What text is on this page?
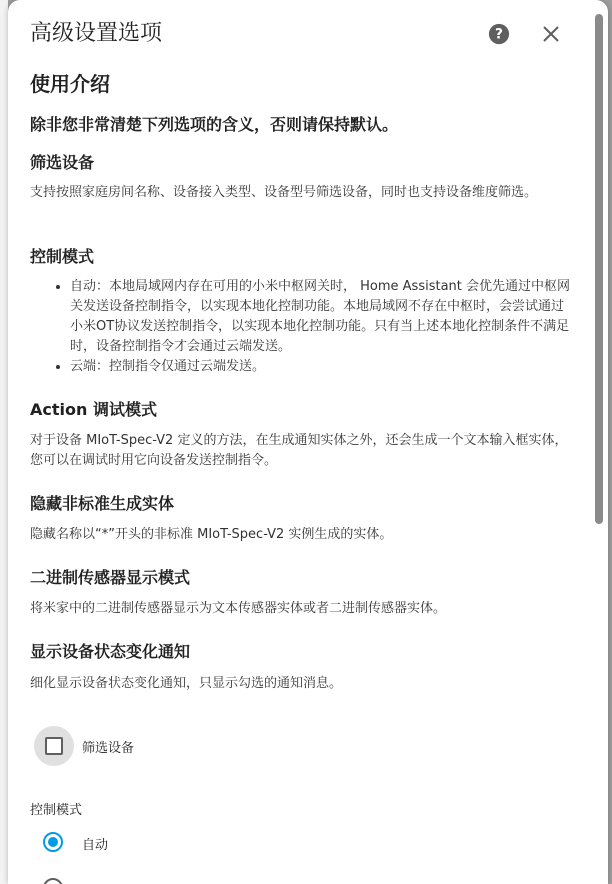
高级设置选项	?
使用介绍
除非您非常清楚下列选项的含义，否则请保持默认。
筛选设备
支持按照家庭房间名称、设备接入类型、设备型号筛选设备，同时也支持设备维度筛选。
控制模式
• 自动：本地局域网内存在可用的小米中枢网关时， Home Assistant 会优先通过中枢网关发送设备控制指令，以实现本地化控制功能。本地局域网不存在中枢时，会尝试通过小米OT协议发送控制指令，以实现本地化控制功能。只有当上述本地化控制条件不满足时，设备控制指令才会通过云端发送。
• 云端：控制指令仅通过云端发送。
Action 调试模式
对于设备 MIoT-Spec-V2 定义的方法，在生成通知实体之外，还会生成一个文本输入框实体，您可以在调试时用它向设备发送控制指令。
隐藏非标准生成实体
隐藏名称以“*”开头的非标准 MIoT-Spec-V2 实例生成的实体。
二进制传感器显示模式
将米家中的二进制传感器显示为文本传感器实体或者二进制传感器实体。
显示设备状态变化通知
细化显示设备状态变化通知，只显示勾选的通知消息。
筛选设备
控制模式
自动
